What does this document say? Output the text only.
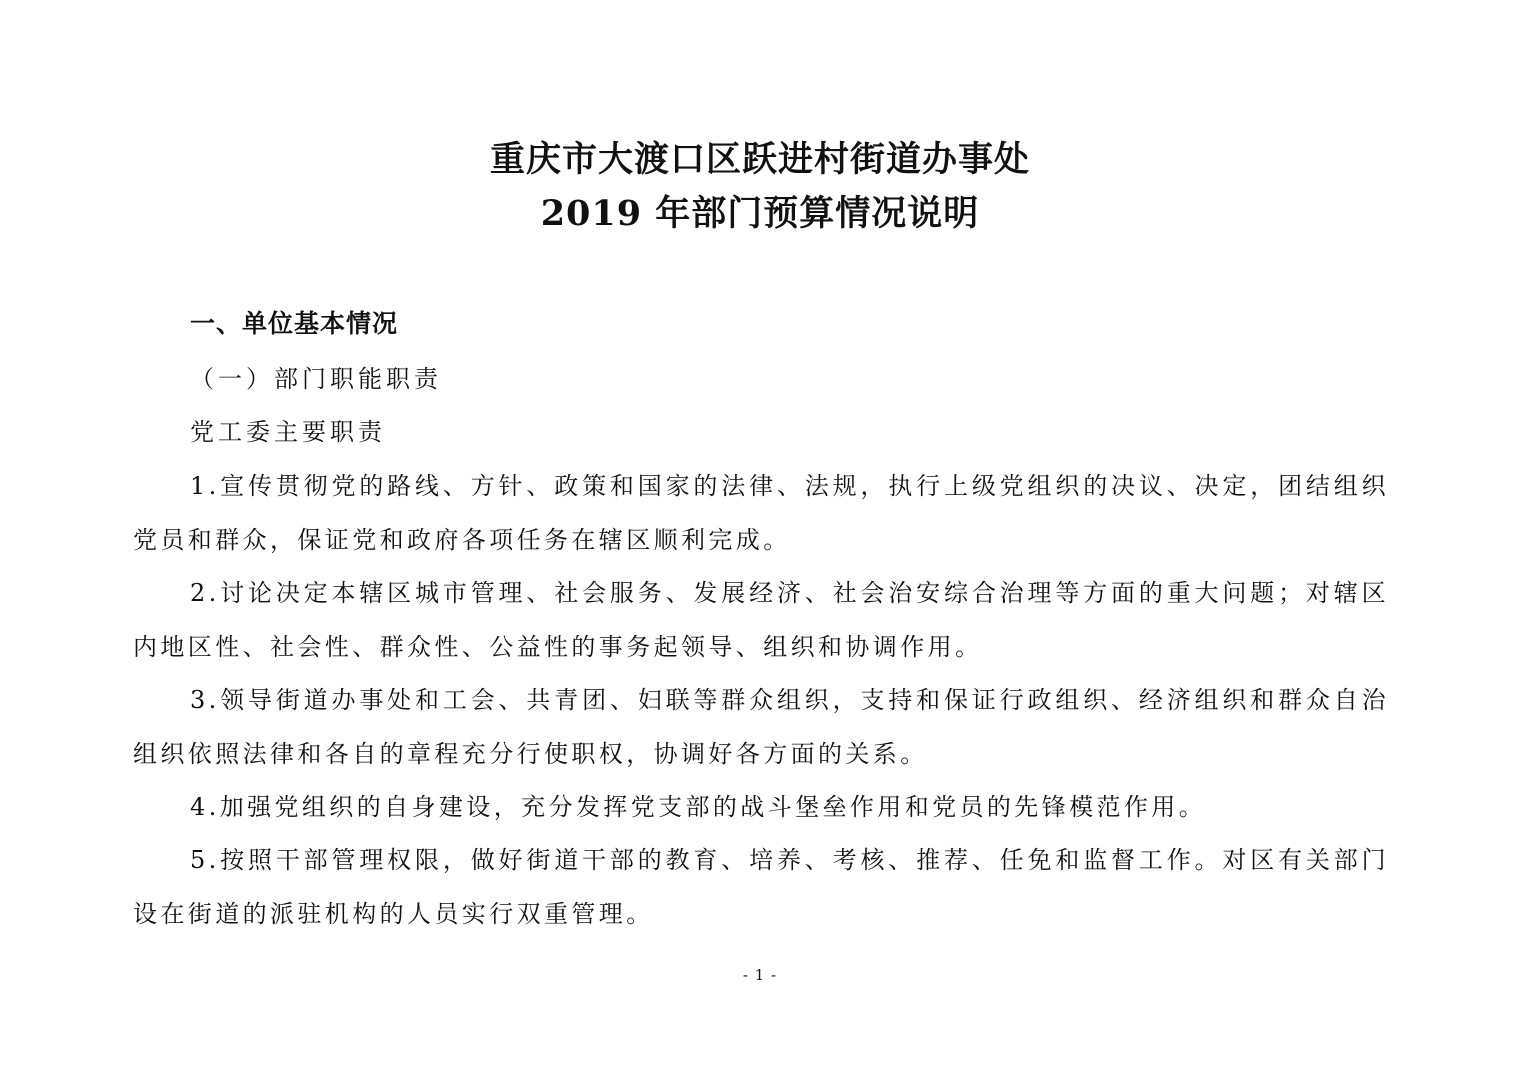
重庆市大渡口区跃进村街道办事处
2019 年部门预算情况说明
一、单位基本情况
（一）部门职能职责
党工委主要职责

1.宣传贯彻党的路线、方针、政策和国家的法律、法规，执行上级党组织的决议、决定，团结组织党员和群众，保证党和政府各项任务在辖区顺利完成。

2.讨论决定本辖区城市管理、社会服务、发展经济、社会治安综合治理等方面的重大问题；对辖区内地区性、社会性、群众性、公益性的事务起领导、组织和协调作用。

3.领导街道办事处和工会、共青团、妇联等群众组织，支持和保证行政组织、经济组织和群众自治组织依照法律和各自的章程充分行使职权，协调好各方面的关系。

4.加强党组织的自身建设，充分发挥党支部的战斗堡垒作用和党员的先锋模范作用。

5.按照干部管理权限，做好街道干部的教育、培养、考核、推荐、任免和监督工作。对区有关部门设在街道的派驻机构的人员实行双重管理。

- 1 -
